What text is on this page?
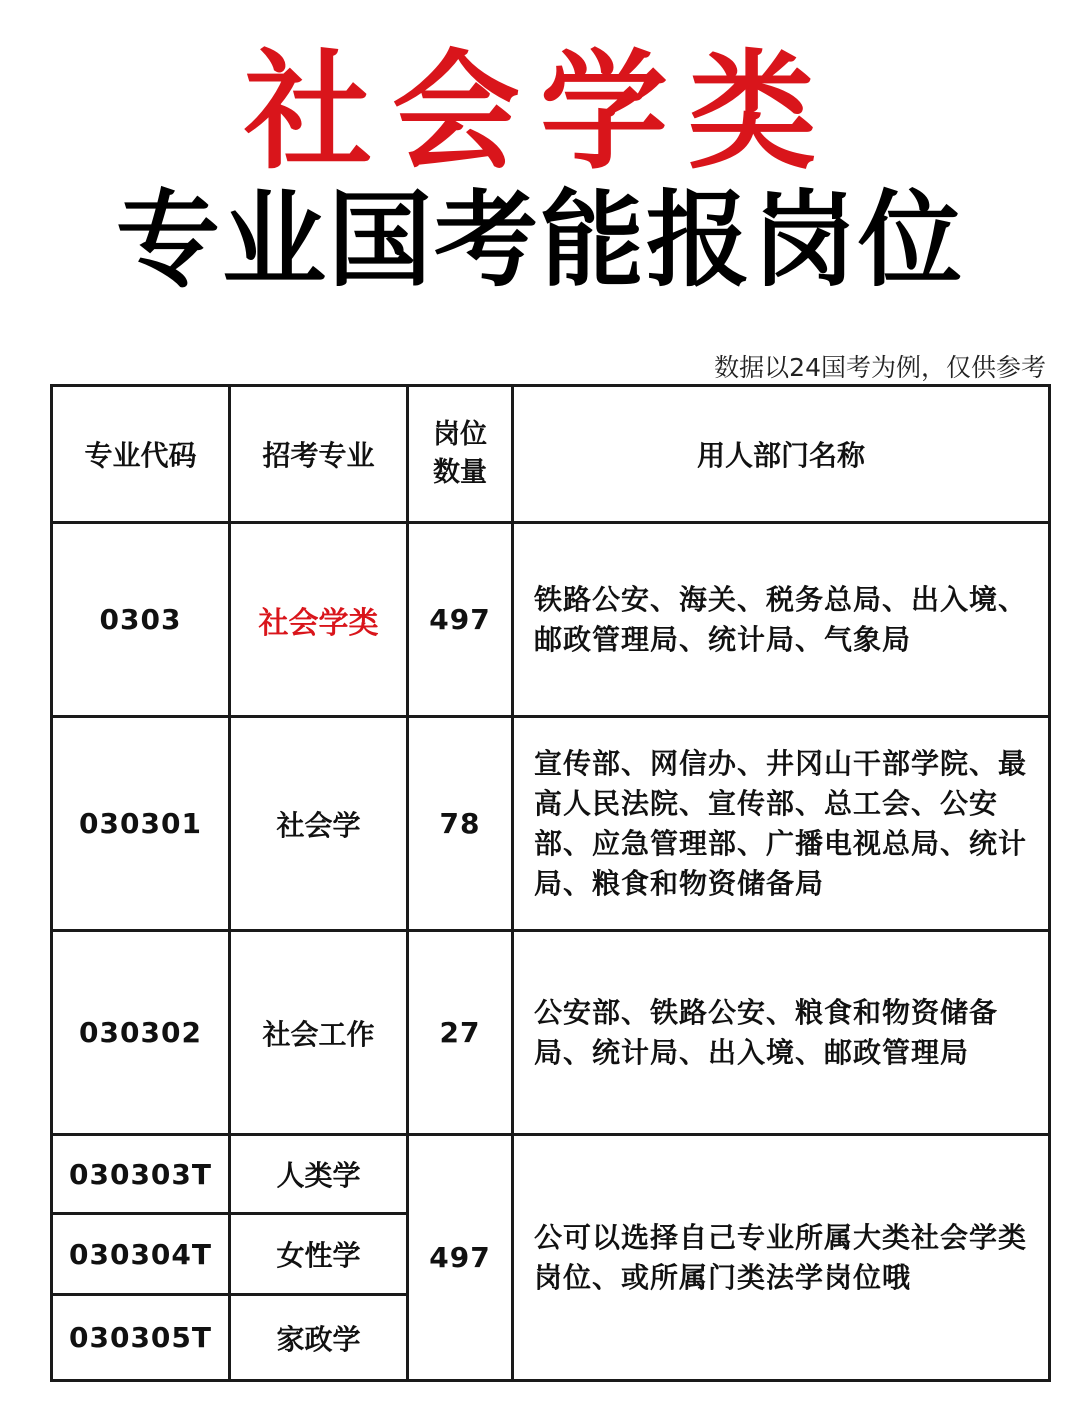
社会学类
专业国考能报岗位
数据以24国考为例，仅供参考
专业代码	招考专业	岗位数量	用人部门名称
0303	社会学类	497	铁路公安、海关、税务总局、出入境、邮政管理局、统计局、气象局
030301	社会学	78	宣传部、网信办、井冈山干部学院、最高人民法院、宣传部、总工会、公安部、应急管理部、广播电视总局、统计局、粮食和物资储备局
030302	社会工作	27	公安部、铁路公安、粮食和物资储备局、统计局、出入境、邮政管理局
030303T	人类学	497	公可以选择自己专业所属大类社会学类岗位、或所属门类法学岗位哦
030304T	女性学		
030305T	家政学		
